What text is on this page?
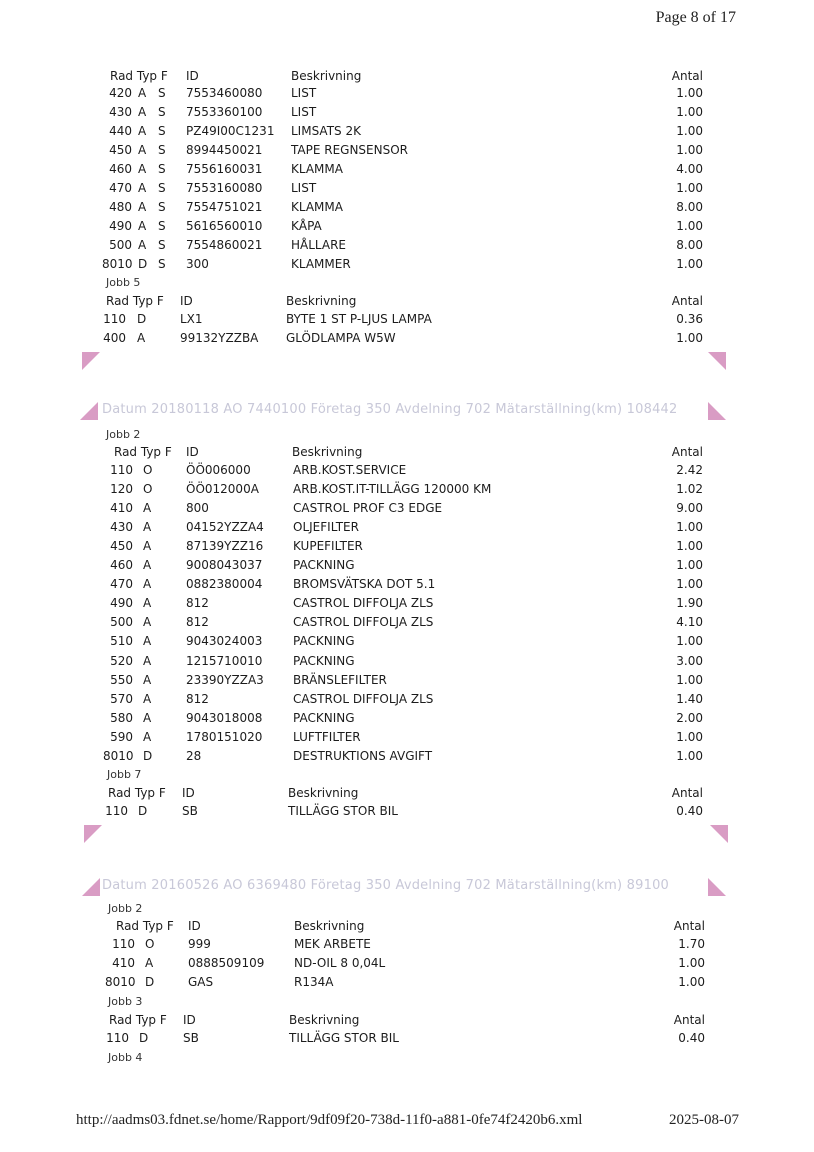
Page 8 of 17
Rad Typ F ID	Beskrivning	Antal
420 A S	7553460080 LIST	1.00
430 A S	7553360100 LIST	1.00
440 A S	PZ49I00C1231 LIMSATS 2K	1.00
450 A S	8994450021 TAPE REGNSENSOR	1.00
460 A S	7556160031 KLAMMA	4.00
470 A S	7553160080 LIST	1.00
480 A S	7554751021 KLAMMA	8.00
490 A S	5616560010 KÅPA	1.00
500 A S	7554860021 HÅLLARE	8.00
8010 D S	300	KLAMMER	1.00
Jobb 5
Rad Typ F ID	Beskrivning	Antal
110 D	LX1	BYTE 1 ST P-LJUS LAMPA	0.36
400 A	99132YZZBA GLÖDLAMPA W5W	1.00
Datum 20180118 AO 7440100 Företag 350 Avdelning 702 Mätarställning(km) 108442
Jobb 2
Rad Typ F ID	Beskrivning	Antal
110 O	ÖÖ006000	ARB.KOST.SERVICE	2.42
120 O	ÖÖ012000A	ARB.KOST.IT-TILLÄGG 120000 KM	1.02
410 A	800	CASTROL PROF C3 EDGE	9.00
430 A	04152YZZA4 OLJEFILTER	1.00
450 A	87139YZZ16 KUPEFILTER	1.00
460 A	9008043037	PACKNING	1.00
470 A	0882380004	BROMSVÄTSKA DOT 5.1	1.00
490 A	812	CASTROL DIFFOLJA ZLS	1.90
500 A	812	CASTROL DIFFOLJA ZLS	4.10
510 A	9043024003	PACKNING	1.00
520 A	1215710010	PACKNING	3.00
550 A	23390YZZA3 BRÄNSLEFILTER	1.00
570 A	812	CASTROL DIFFOLJA ZLS	1.40
580 A	9043018008	PACKNING	2.00
590 A	1780151020	LUFTFILTER	1.00
8010 D	28	DESTRUKTIONS AVGIFT	1.00
Jobb 7
Rad Typ F ID	Beskrivning	Antal
110 D	SB	TILLÄGG STOR BIL	0.40
Datum 20160526 AO 6369480 Företag 350 Avdelning 702 Mätarställning(km) 89100
Jobb 2
Rad Typ F ID	Beskrivning	Antal
110 O	999	MEK ARBETE	1.70
410 A	0888509109 ND-OIL 8 0,04L	1.00
8010 D	GAS	R134A	1.00
Jobb 3
Rad Typ F ID	Beskrivning	Antal
110 D	SB	TILLÄGG STOR BIL	0.40
Jobb 4
http://aadms03.fdnet.se/home/Rapport/9df09f20-738d-11f0-a881-0fe74f2420b6.xml	2025-08-07
